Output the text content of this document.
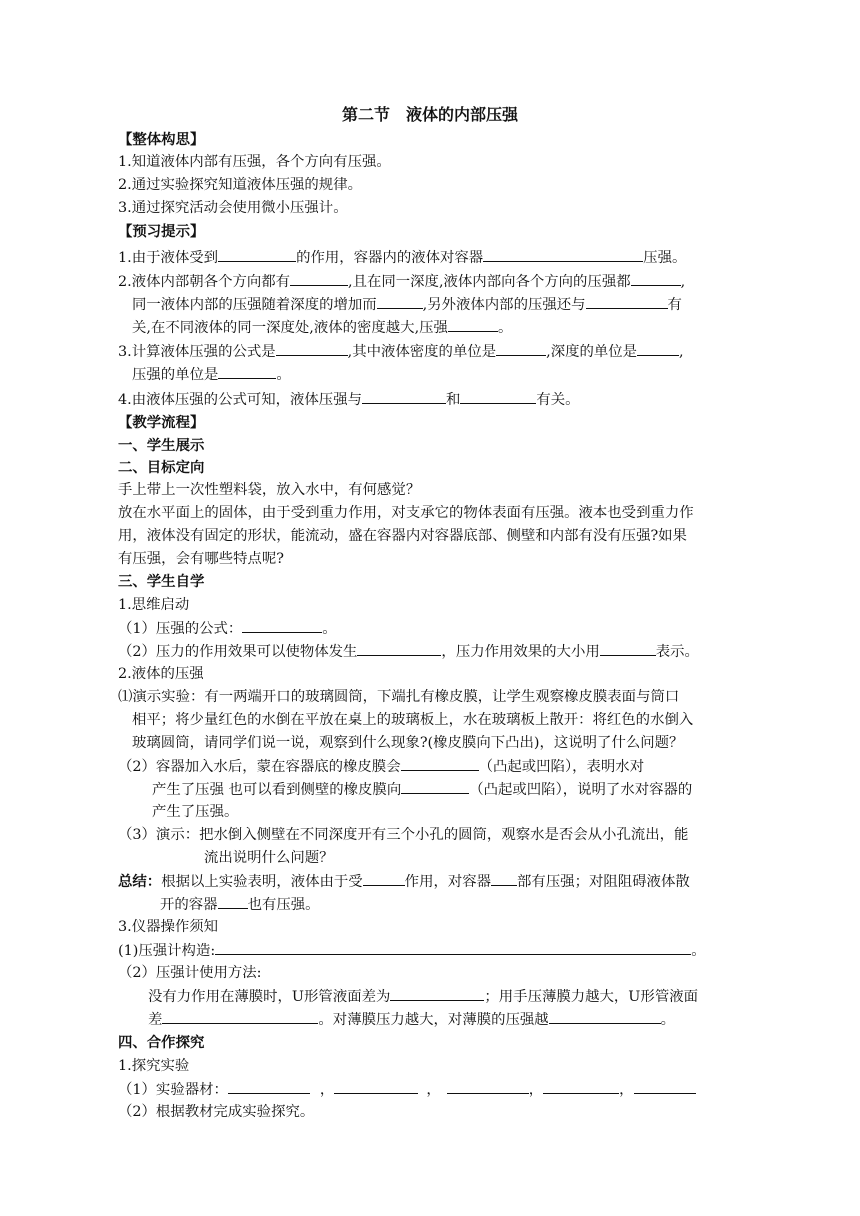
第二节　液体的内部压强
【整体构思】
1.知道液体内部有压强，各个方向有压强。
2.通过实验探究知道液体压强的规律。
3.通过探究活动会使用微小压强计。
【预习提示】
1.由于液体受到	的作用，容器内的液体对容器	压强。
2.液体内部朝各个方向都有	,且在同一深度,液体内部向各个方向的压强都	,
同一液体内部的压强随着深度的增加而	,另外液体内部的压强还与	有
关,在不同液体的同一深度处,液体的密度越大,压强	。
3.计算液体压强的公式是	,其中液体密度的单位是	,深度的单位是	,
压强的单位是	。
4.由液体压强的公式可知，液体压强与	和	有关。
【教学流程】
一、学生展示
二、目标定向
手上带上一次性塑料袋，放入水中，有何感觉？
放在水平面上的固体，由于受到重力作用，对支承它的物体表面有压强。液本也受到重力作
用，液体没有固定的形状，能流动，盛在容器内对容器底部、侧壁和内部有没有压强?如果
有压强，会有哪些特点呢?
三、学生自学
1.思维启动
（1）压强的公式：	。
（2）压力的作用效果可以使物体发生	，压力作用效果的大小用	表示。
2.液体的压强
⑴演示实验：有一两端开口的玻璃圆筒，下端扎有橡皮膜，让学生观察橡皮膜表面与筒口
相平；将少量红色的水倒在平放在桌上的玻璃板上，水在玻璃板上散开：将红色的水倒入
玻璃圆筒，请同学们说一说，观察到什么现象?(橡皮膜向下凸出)，这说明了什么问题？
（2）容器加入水后，蒙在容器底的橡皮膜会	（凸起或凹陷），表明水对
产生了压强 也可以看到侧壁的橡皮膜向	（凸起或凹陷），说明了水对容器的
产生了压强。
（3）演示：把水倒入侧壁在不同深度开有三个小孔的圆筒，观察水是否会从小孔流出，能
流出说明什么问题？
总结：根据以上实验表明，液体由于受	作用，对容器 部有压强；对阻阻碍液体散
开的容器 也有压强。
3.仪器操作须知
(1)压强计构造:	。
（2）压强计使用方法:
没有力作用在薄膜时，U形管液面差为	；用手压薄膜力越大，U形管液面
差	。对薄膜压力越大，对薄膜的压强越	。
四、合作探究
1.探究实验
（1）实验器材：	，	，	，	，
（2）根据教材完成实验探究。
